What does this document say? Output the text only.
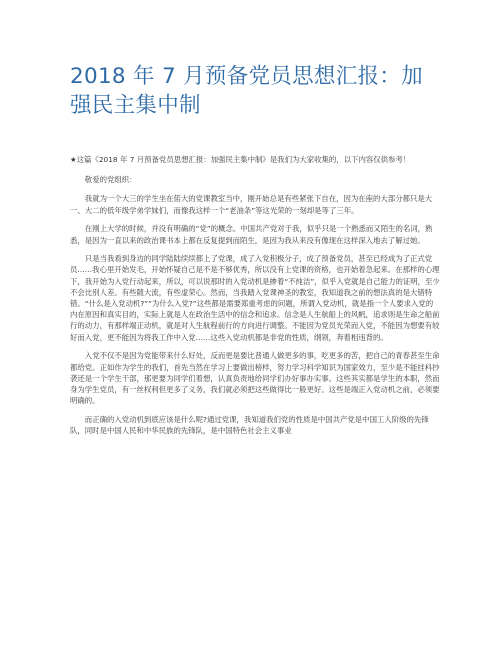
2018 年 7 月预备党员思想汇报：加强民主集中制

★这篇《2018 年 7 月预备党员思想汇报：加强民主集中制》是我们为大家收集的，以下内容仅供参考！

敬爱的党组织：

我就为一个大三的学生坐在偌大的党课教室当中，刚开始总是有些紧张下自在，因为在座的大部分都只是大一、大二的低年级学弟学妹们，而像我这样一个“老油条”等这光荣的一刻却是等了三年。

在刚上大学的时候，并没有明确的“党”的概念。中国共产党对于我，似乎只是一个熟悉而又陌生的名词，熟悉，是因为一直以来的政治课书本上都在反复提到而陌生，是因为我从来没有像现在这样深入地去了解过她。

只是当我看到身边的同学陆陆续续都上了党课，成了入党积极分子，成了预备党员，甚至已经成为了正式党员……我心里开始发毛，开始怀疑自己是不是不够优秀，所以没有上党课的资格，也开始着急起来。在那样的心理下，我开始为入党行动起来，所以，可以说那时的入党动机是掺着“不纯洁”，似乎入党就是自己能力的证明，至少不会比别人差。有些随大流，有些虚荣心。然而，当我踏入党课神圣的教室，我知道我之前的想法真的是大错特错。“什么是入党动机?”“为什么入党?”这些都是需要郑重考虑的问题，所谓入党动机，就是指一个人要求入党的内在原因和真实目的，实际上就是人在政治生活中的信念和追求。信念是人生航船上的风帆，追求则是生命之船前行的动力，有那样端正动机，就是对人生航程前行的方向进行调整。不能因为党员光荣而入党，不能因为想要有较好而入党，更不能因为将我工作中入党……这些入党动机都是非党的性质，纲领，奔着相违背的。

入党不仅不是因为党能带来什么好处，反而更是要比普通人做更多的事，吃更多的苦，把自己的青春甚至生命都给党。正如作为学生的我们，首先当然在学习上要做出榜样，努力学习科学知识为国家效力，至少是不能挂科抄袭还是一个学生干部，那更要为同学们着想，认真负责地给同学们办好事办实事。这些其实都是学生的本职，然而身为学生党员，有一丝权利但更多了义务，我们就必须把这些做得比一般更好。这些是端正入党动机之前，必须要明确的。

而正确的入党动机到底应该是什么呢?通过党课，我知道我们党的性质是中国共产党是中国工人阶级的先锋队，同时是中国人民和中华民族的先锋队，是中国特色社会主义事业
